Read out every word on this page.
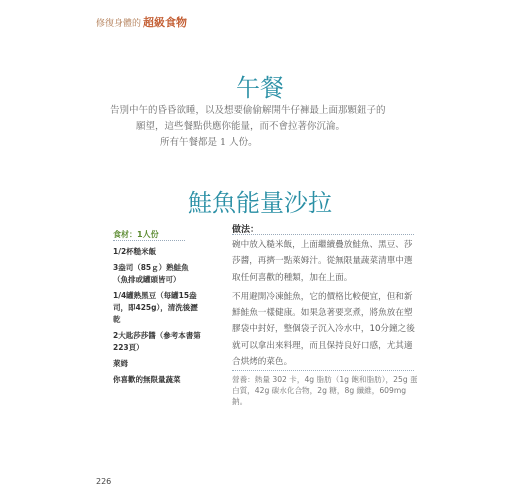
修復身體的 超級食物
午餐

告別中午的昏昏欲睡，以及想要偷偷解開牛仔褲最上面那顆鈕子的

願望，這些餐點供應你能量，而不會拉著你沉淪。

所有午餐都是 1 人份。

鮭魚能量沙拉
食材：1人份
1/2杯糙米飯
3盎司（85ｇ）熟鮭魚（魚排或罐頭皆可）
1/4罐熟黑豆（每罐15盎司，即425g），清洗後瀝乾
2大匙莎莎醬（參考本書第223頁）
萊姆
你喜歡的無限量蔬菜
做法：

碗中放入糙米飯，上面繼續疊放鮭魚、黑豆、莎莎醬，再擠一點萊姆汁。從無限量蔬菜清單中選取任何喜歡的種類，加在上面。

不用避開冷凍鮭魚，它的價格比較便宜，但和新鮮鮭魚一樣健康。如果急著要烹煮，將魚放在塑膠袋中封好，整個袋子沉入冷水中，10分鐘之後就可以拿出來料理，而且保持良好口感，尤其適合烘烤的菜色。

營養：熱量 302 卡，4g 脂肪（1g 飽和脂肪），25g 蛋白質，42g 碳水化合物，2g 糖，8g 纖維，609mg 鈉。
226
